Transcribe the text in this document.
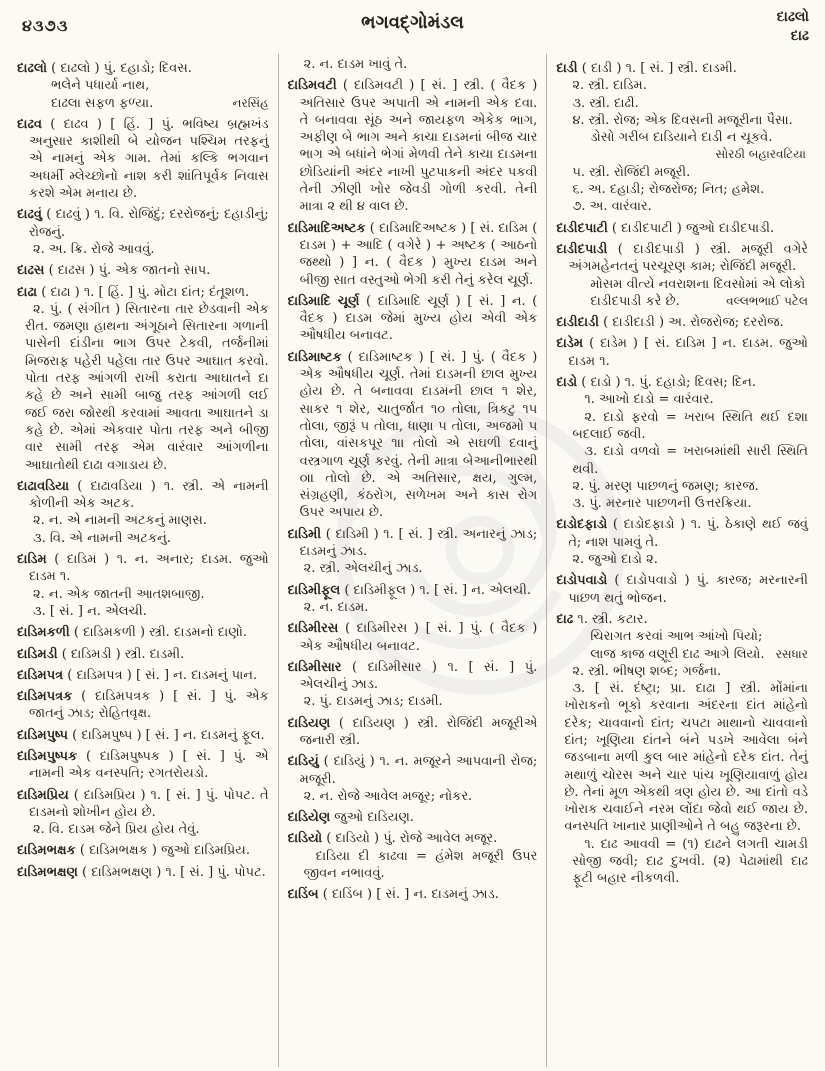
૪૩૭૩	ભગવદ્ગોમંડલ	દાઢલો
દાઢ
દાઢલો ( દાઢલો ) પું. દહાડો; દિવસ.
ભલેને પધાર્યા નાથ,
દાઢલા સફળ ફળ્યા.	નરસિંહ
દાઢવ ( દાઢવ ) [ હિં. ] પું. ભવિષ્ય બ્રહ્મખંડ અનુસાર કાશીથી બે યોજન પશ્ચિમ તરફનું એ નામનું એક ગામ. તેમાં કલ્કિ ભગવાન અધર્મી મ્લેચ્છોનો નાશ કરી શાંતિપૂર્વક નિવાસ કરશે એમ મનાય છે.
દાઢવું ( દાઢવું ) ૧. વિ. રોજિંદું; દરરોજનું; દહાડીનું; રોજનું.
૨. અ. ક્રિ. રોજે આવવું.
દાઢસ ( દાઢસ ) પું. એક જાતનો સાપ.
દાઢા ( દાઢા ) ૧. [ હિં. ] પું. મોટા દાંત; દંતૂશળ.
૨. પું. ( સંગીત ) સિતારના તાર છેડવાની એક રીત. જમણા હાથના અંગૂઠાને સિતારના ગળાની પાસેની દાંડીના ભાગ ઉપર ટેકવી, તર્જનીમાં મિજરાફ પહેરી પહેલા તાર ઉપર આઘાત કરવો. પોતા તરફ આંગળી રાખી કરાતા આઘાતને દા કહે છે અને સામી બાજુ તરફ આંગળી લઈ જઈ જરા જોરથી કરવામાં આવતા આઘાતને ડા કહે છે. એમાં એકવાર પોતા તરફ અને બીજી વાર સામી તરફ એમ વારંવાર આંગળીના આઘાતોથી દાઢા વગાડાય છે.
દાઢાવડિયા ( દાઢાવડિયા ) ૧. સ્ત્રી. એ નામની કોળીની એક અટક.
૨. ન. એ નામની અટકનું માણસ.
૩. વિ. એ નામની અટકનું.
દાડિમ ( દાડિમ ) ૧. ન. અનાર; દાડમ. જુઓ દાડમ ૧.
૨. ન. એક જાતની આતશબાજી.
૩. [ સં. ] ન. એલચી.
દાડિમકળી ( દાડિમકળી ) સ્ત્રી. દાડમનો દાણો.
દાડિમડી ( દાડિમડી ) સ્ત્રી. દાડમી.
દાડિમપત્ર ( દાડિમપત્ર ) [ સં. ] ન. દાડમનું પાન.
દાડિમપત્રક ( દાડિમપત્રક ) [ સં. ] પું. એક જાતનું ઝાડ; રોહિતવૃક્ષ.
દાડિમપુષ્પ ( દાડિમપુષ્પ ) [ સં. ] ન. દાડમનું ફૂલ.
દાડિમપુષ્પક ( દાડિમપુષ્પક ) [ સં. ] પું. એ નામની એક વનસ્પતિ; રગતરોયડો.
દાડિમપ્રિય ( દાડિમપ્રિય ) ૧. [ સં. ] પું. પોપટ. તે દાડમનો શોખીન હોય છે.
૨. વિ. દાડમ જેને પ્રિય હોય તેવું.
દાડિમભક્ષક ( દાડિમભક્ષક ) જુઓ દાડિમપ્રિય.
દાડિમભક્ષણ ( દાડિમભક્ષણ ) ૧. [ સં. ] પું. પોપટ.
૨. ન. દાડમ ખાવું તે.
દાડિમવટી ( દાડિમવટી ) [ સં. ] સ્ત્રી. ( વૈદક ) અતિસાર ઉપર અપાતી એ નામની એક દવા. તે બનાવવા સૂંઠ અને જાયફળ એકેક ભાગ, અફીણ બે ભાગ અને કાચા દાડમનાં બીજ ચાર ભાગ એ બધાંને ભેગાં મેળવી તેને કાચા દાડમના છોડિયાંની અંદર નાખી પુટપાકની અંદર પકવી તેની ઝીણી ખોર જેવડી ગોળી કરવી. તેની માત્રા ૨ થી ૪ વાલ છે.
દાડિમાદિઅષ્ટક ( દાડિમાદિઅષ્ટક ) [ સં. દાડિમ ( દાડમ ) + આદિ ( વગેરે ) + અષ્ટક ( આઠનો જથ્થો ) ] ન. ( વૈદક ) મુખ્ય દાડમ અને બીજી સાત વસ્તુઓ ભેગી કરી તેનું કરેલ ચૂર્ણ.
દાડિમાદિ ચૂર્ણ ( દાડિમાદિ ચૂર્ણ ) [ સં. ] ન. ( વૈદક ) દાડમ જેમાં મુખ્ય હોય એવી એક ઔષધીય બનાવટ.
દાડિમાષ્ટક ( દાડિમાષ્ટક ) [ સં. ] પું. ( વૈદક ) એક ઔષધીય ચૂર્ણ. તેમાં દાડમની છાલ મુખ્ય હોય છે. તે બનાવવા દાડમની છાલ ૧ શેર, સાકર ૧ શેર, ચાતુર્જાત ૧૦ તોલા, ત્રિકટુ ૧૫ તોલા, જીરૂં ૫ તોલા, ધાણા ૫ તોલા, અજમો ૫ તોલા, વાંસકપૂર ૧।। તોલો એ સઘળી દવાનું વસ્ત્રગાળ ચૂર્ણ કરવું. તેની માત્રા બેઆનીભારથી ૦॥ તોલો છે. એ અતિસાર, ક્ષય, ગુલ્મ, સંગ્રહણી, કંઠરોગ, સળેખમ અને કાસ રોગ ઉપર અપાય છે.
દાડિમી ( દાડિમી ) ૧. [ સં. ] સ્ત્રી. અનારનું ઝાડ; દાડમનું ઝાડ.
૨. સ્ત્રી. એલચીનું ઝાડ.
દાડિમીફૂલ ( દાડિમીફૂલ ) ૧. [ સં. ] ન. એલચી.
૨. ન. દાડમ.
દાડિમીરસ ( દાડિમીરસ ) [ સં. ] પું. ( વૈદક ) એક ઔષધીય બનાવટ.
દાડિમીસાર ( દાડિમીસાર ) ૧. [ સં. ] પું. એલચીનું ઝાડ.
૨. પું. દાડમનું ઝાડ; દાડમી.
દાડિયણ ( દાડિયણ ) સ્ત્રી. રોજિંદી મજૂરીએ જનારી સ્ત્રી.
દાડિયું ( દાડિયું ) ૧. ન. મજૂરને આપવાની રોજ; મજૂરી.
૨. ન. રોજે આવેલ મજૂર; નોકર.
દાડિયેણ જુઓ દાડિયણ.
દાડિયો ( દાડિયો ) પું. રોજે આવેલ મજૂર.
દાડિયા દી કાઢવા = હંમેશ મજૂરી ઉપર જીવન નભાવવું.
દાડિંબ ( દાડિંબ ) [ સં. ] ન. દાડમનું ઝાડ.
દાડી ( દાડી ) ૧. [ સં. ] સ્ત્રી. દાડમી.
૨. સ્ત્રી. દાડિમ.
૩. સ્ત્રી. દાઢી.
૪. સ્ત્રી. રોજ; એક દિવસની મજૂરીના પૈસા.
ડોસો ગરીબ દાડિયાને દાડી ન ચૂકવે.
સોરઠી બહારવટિયા
૫. સ્ત્રી. રોજિંદી મજૂરી.
૬. અ. દહાડી; રોજરોજ; નિત; હમેશ.
૭. અ. વારંવાર.
દાડીદપાટી ( દાડીદપાટી ) જુઓ દાડીદપાડી.
દાડીદપાડી ( દાડીદપાડી ) સ્ત્રી. મજૂરી વગેરે અંગમહેનતનું પરચૂરણ કામ; રોજિંદી મજૂરી.
મોસમ વીત્યે નવરાશના દિવસોમાં એ લોકો
દાડીદપાડી કરે છે.	વલ્લભભાઈ પટેલ
દાડીદાડી ( દાડીદાડી ) અ. રોજરોજ; દરરોજ.
દાડેમ ( દાડેમ ) [ સં. દાડિમ ] ન. દાડમ. જુઓ દાડમ ૧.
દાડો ( દાડો ) ૧. પું. દહાડો; દિવસ; દિન.
૧. આખો દાડો = વારંવાર.
૨. દાડો ફરવો = ખરાબ સ્થિતિ થઈ દશા બદલાઈ જવી.
૩. દાડો વળવો = ખરાબમાંથી સારી સ્થિતિ થવી.
૨. પું. મરણ પાછળનું જમણ; કારજ.
૩. પું. મરનાર પાછળની ઉત્તરક્રિયા.
દાડોદફાડો ( દાડોદફાડો ) ૧. પું. ઠેકાણે થઈ જવું તે; નાશ પામવું તે.
૨. જુઓ દાડો ૨.
દાડોપવાડો ( દાડોપવાડો ) પું. કારજ; મરનારની પાછળ થતું ભોજન.
દાઢ ૧. સ્ત્રી. કટાર.
ચિરાગત કરવાં આભ આંખો પિયો;
લાજ કાજ વણૂરી દાઢ આગે લિયો. રસધાર
૨. સ્ત્રી. ભીષણ શબ્દ; ગર્જના.
૩. [ સં. દંષ્ટ્રા; પ્રા. દાઢા ] સ્ત્રી. મોંમાંના ખોરાકનો ભૂકો કરવાના અંદરના દાંત માંહેનો દરેક; ચાવવાનો દાંત; ચપટા માથાનો ચાવવાનો દાંત; ખૂણિયા દાંતને બંને પડખે આવેલા બંને જડબાના મળી કુલ બાર માંહેનો દરેક દાંત. તેનું મથાળું ચોરસ અને ચાર પાંચ ખૂણિયાવાળું હોય છે. તેનાં મૂળ એકથી ત્રણ હોય છે. આ દાંતો વડે ખોરાક ચવાઈને નરમ લોંદા જેવો થઈ જાય છે. વનસ્પતિ ખાનાર પ્રાણીઓને તે બહુ જરૂરના છે.
૧. દાઢ આવવી = (૧) દાઢને લગતી ચામડી સોજી જવી; દાઢ દુખવી. (૨) પેઢામાંથી દાઢ ફૂટી બહાર નીકળવી.
